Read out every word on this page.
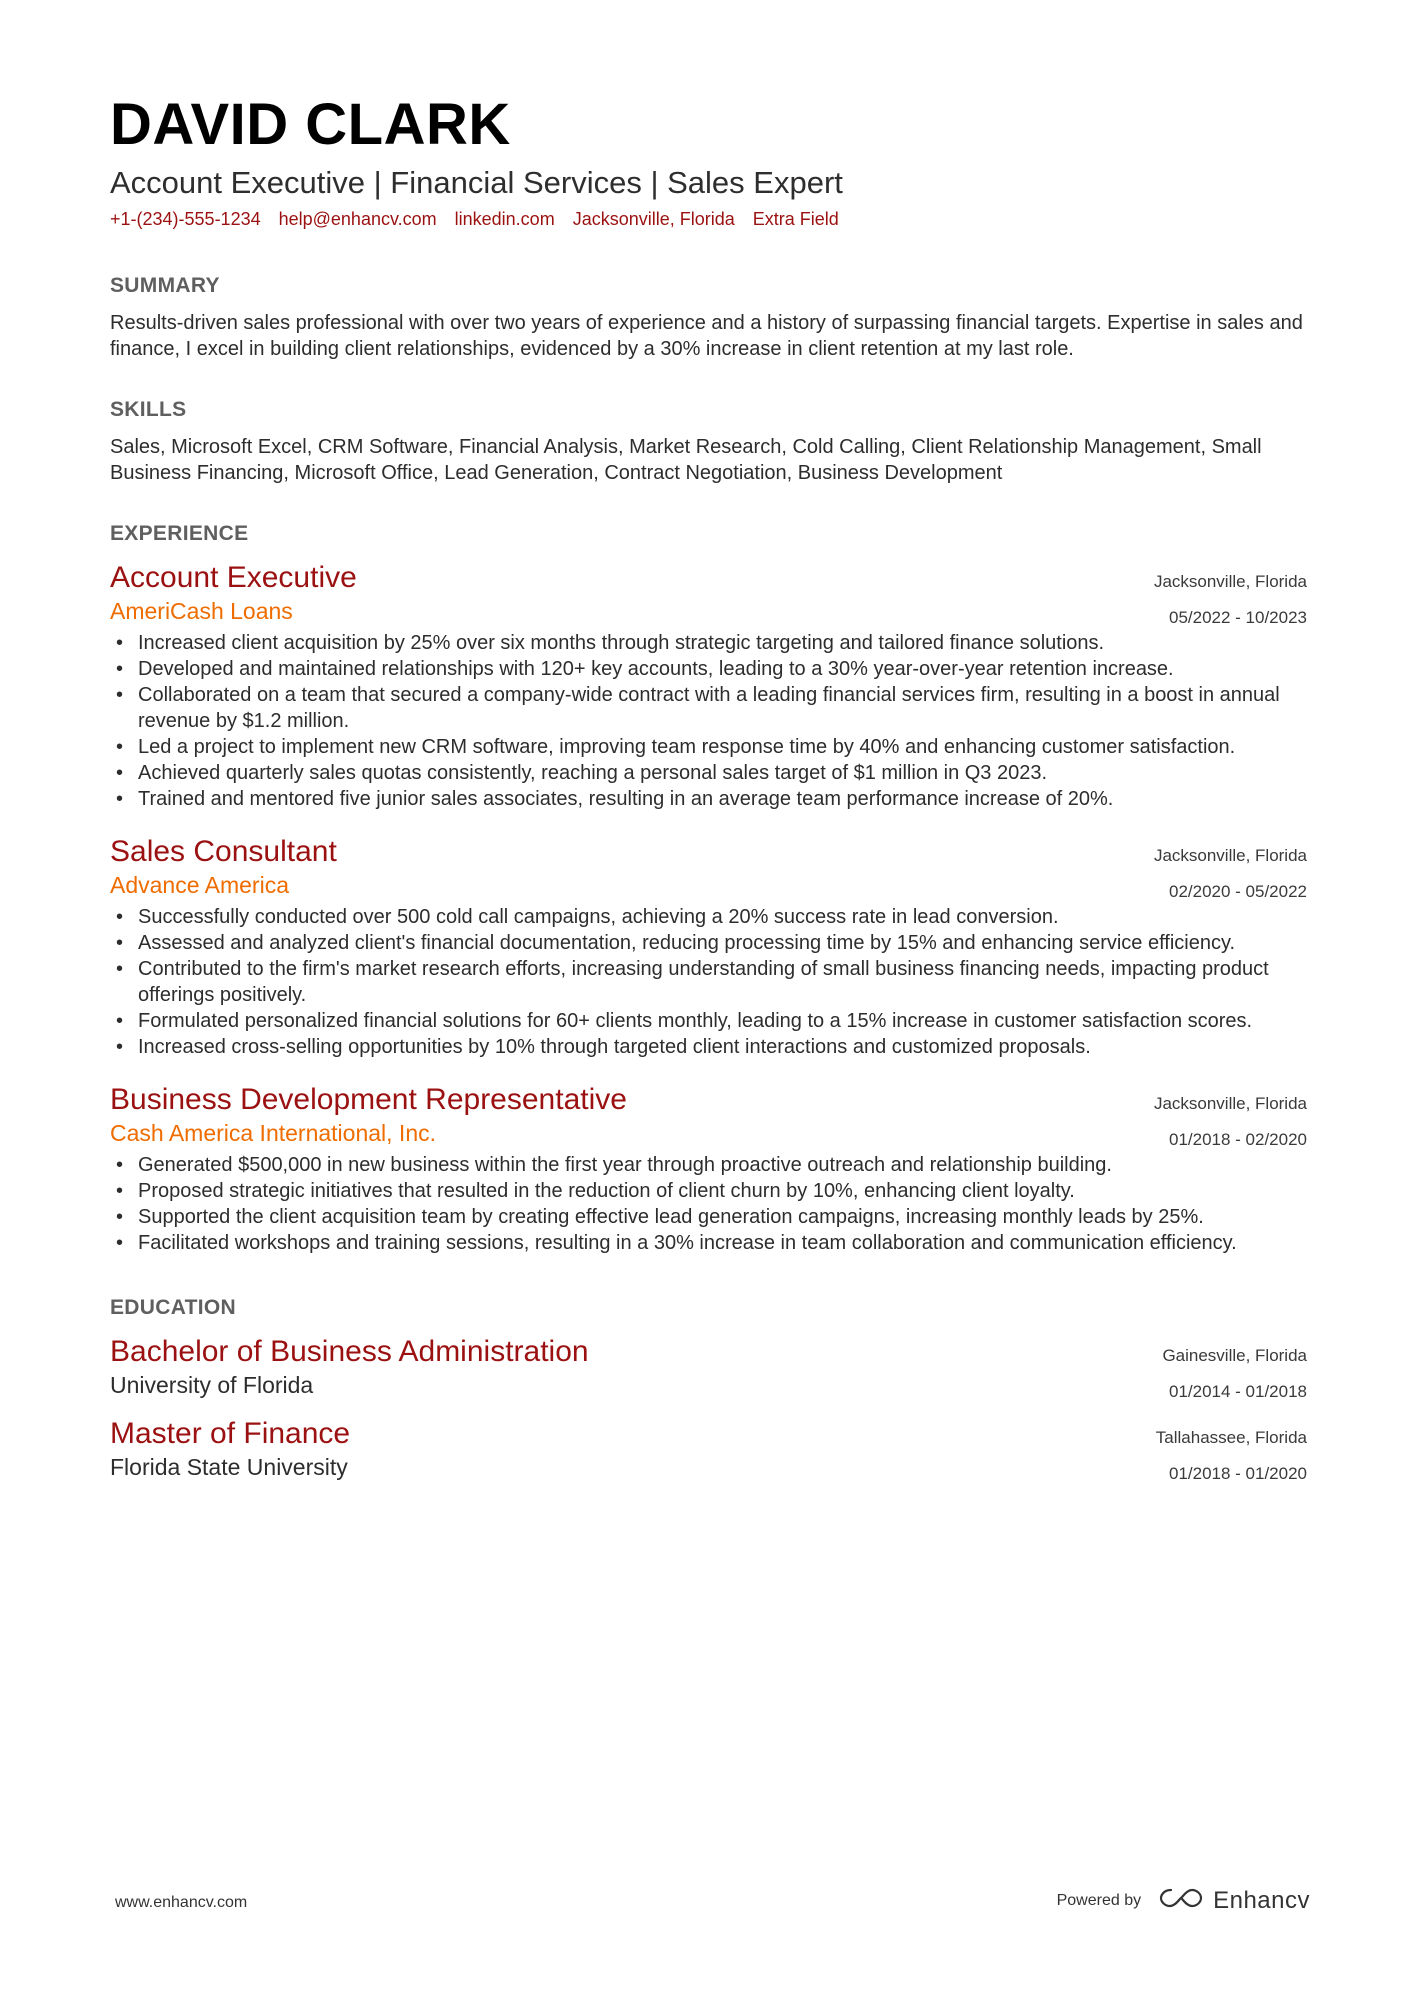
DAVID CLARK

Account Executive | Financial Services | Sales Expert

+1-(234)-555-1234 help@enhancv.com linkedin.com Jacksonville, Florida Extra Field
SUMMARY

Results-driven sales professional with over two years of experience and a history of surpassing financial targets. Expertise in sales and finance, I excel in building client relationships, evidenced by a 30% increase in client retention at my last role.

SKILLS

Sales, Microsoft Excel, CRM Software, Financial Analysis, Market Research, Cold Calling, Client Relationship Management, Small Business Financing, Microsoft Office, Lead Generation, Contract Negotiation, Business Development

EXPERIENCE

Account Executive

AmeriCash Loans

Jacksonville, Florida
05/2022 - 10/2023
• Increased client acquisition by 25% over six months through strategic targeting and tailored finance solutions.
• Developed and maintained relationships with 120+ key accounts, leading to a 30% year-over-year retention increase.
• Collaborated on a team that secured a company-wide contract with a leading financial services firm, resulting in a boost in annual revenue by $1.2 million.
• Led a project to implement new CRM software, improving team response time by 40% and enhancing customer satisfaction.
• Achieved quarterly sales quotas consistently, reaching a personal sales target of $1 million in Q3 2023.
• Trained and mentored five junior sales associates, resulting in an average team performance increase of 20%.

Sales Consultant

Advance America

Jacksonville, Florida
02/2020 - 05/2022
• Successfully conducted over 500 cold call campaigns, achieving a 20% success rate in lead conversion.
• Assessed and analyzed client's financial documentation, reducing processing time by 15% and enhancing service efficiency.
• Contributed to the firm's market research efforts, increasing understanding of small business financing needs, impacting product offerings positively.
• Formulated personalized financial solutions for 60+ clients monthly, leading to a 15% increase in customer satisfaction scores.
• Increased cross-selling opportunities by 10% through targeted client interactions and customized proposals.

Business Development Representative

Cash America International, Inc.

Jacksonville, Florida
01/2018 - 02/2020
• Generated $500,000 in new business within the first year through proactive outreach and relationship building.
• Proposed strategic initiatives that resulted in the reduction of client churn by 10%, enhancing client loyalty.
• Supported the client acquisition team by creating effective lead generation campaigns, increasing monthly leads by 25%.
• Facilitated workshops and training sessions, resulting in a 30% increase in team collaboration and communication efficiency.
EDUCATION

Bachelor of Business Administration

University of Florida

Gainesville, Florida
01/2014 - 01/2018

Master of Finance

Florida State University

Tallahassee, Florida
01/2018 - 01/2020
www.enhancv.com	Powered by	Enhancv
